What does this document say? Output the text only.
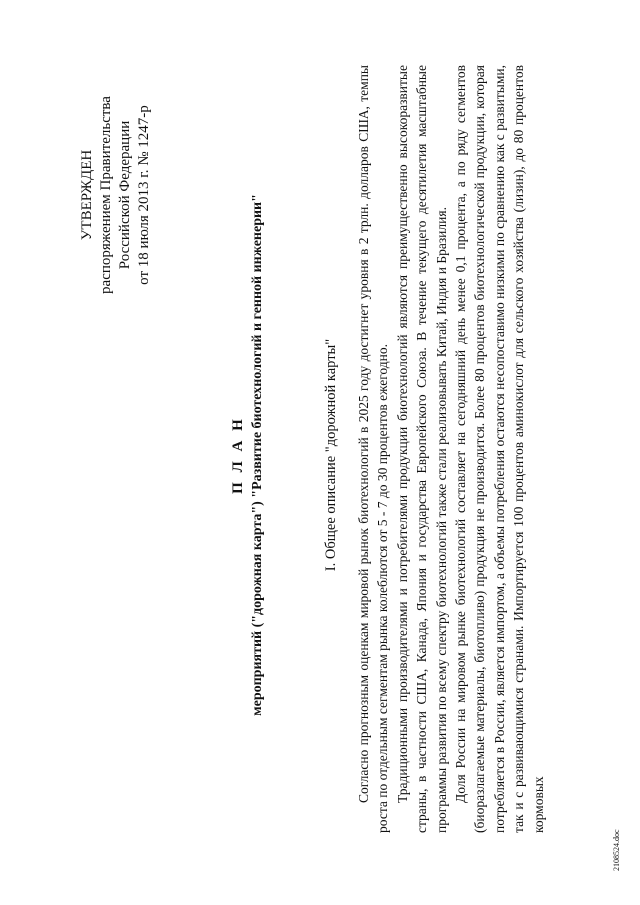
УТВЕРЖДЕН распоряжением Правительства Российской Федерации от 18 июля 2013 г. № 1247-р
П Л А Н мероприятий ("дорожная карта") "Развитие биотехнологий и генной инженерии"	I. Общее описание "дорожной карты" Согласно прогнозным оценкам мировой рынок биотехнологий в 2025 году достигнет уровня в 2 трлн. долларов США, темпы роста по отдельным сегментам рынка колеблются от 5 - 7 до 30 процентов ежегодно. Традиционными производителями и потребителями продукции биотехнологий являются преимущественно высокоразвитые страны, в частности США, Канада, Япония и государства Европейского Союза. В течение текущего десятилетия масштабные программы развития по всему спектру биотехнологий также стали реализовывать Китай, Индия и Бразилия. Доля России на мировом рынке биотехнологий составляет на сегодняшний день менее 0,1 процента, а по ряду сегментов (биоразлагаемые материалы, биотопливо) продукция не производится. Более 80 процентов биотехнологической продукции, которая потребляется в России, является импортом, а объемы потребления остаются несопоставимо низкими по сравнению как с развитыми, так и с развивающимися странами. Импортируется 100 процентов аминокислот для сельского хозяйства (лизин), до 80 процентов кормовых

2108524.doc
